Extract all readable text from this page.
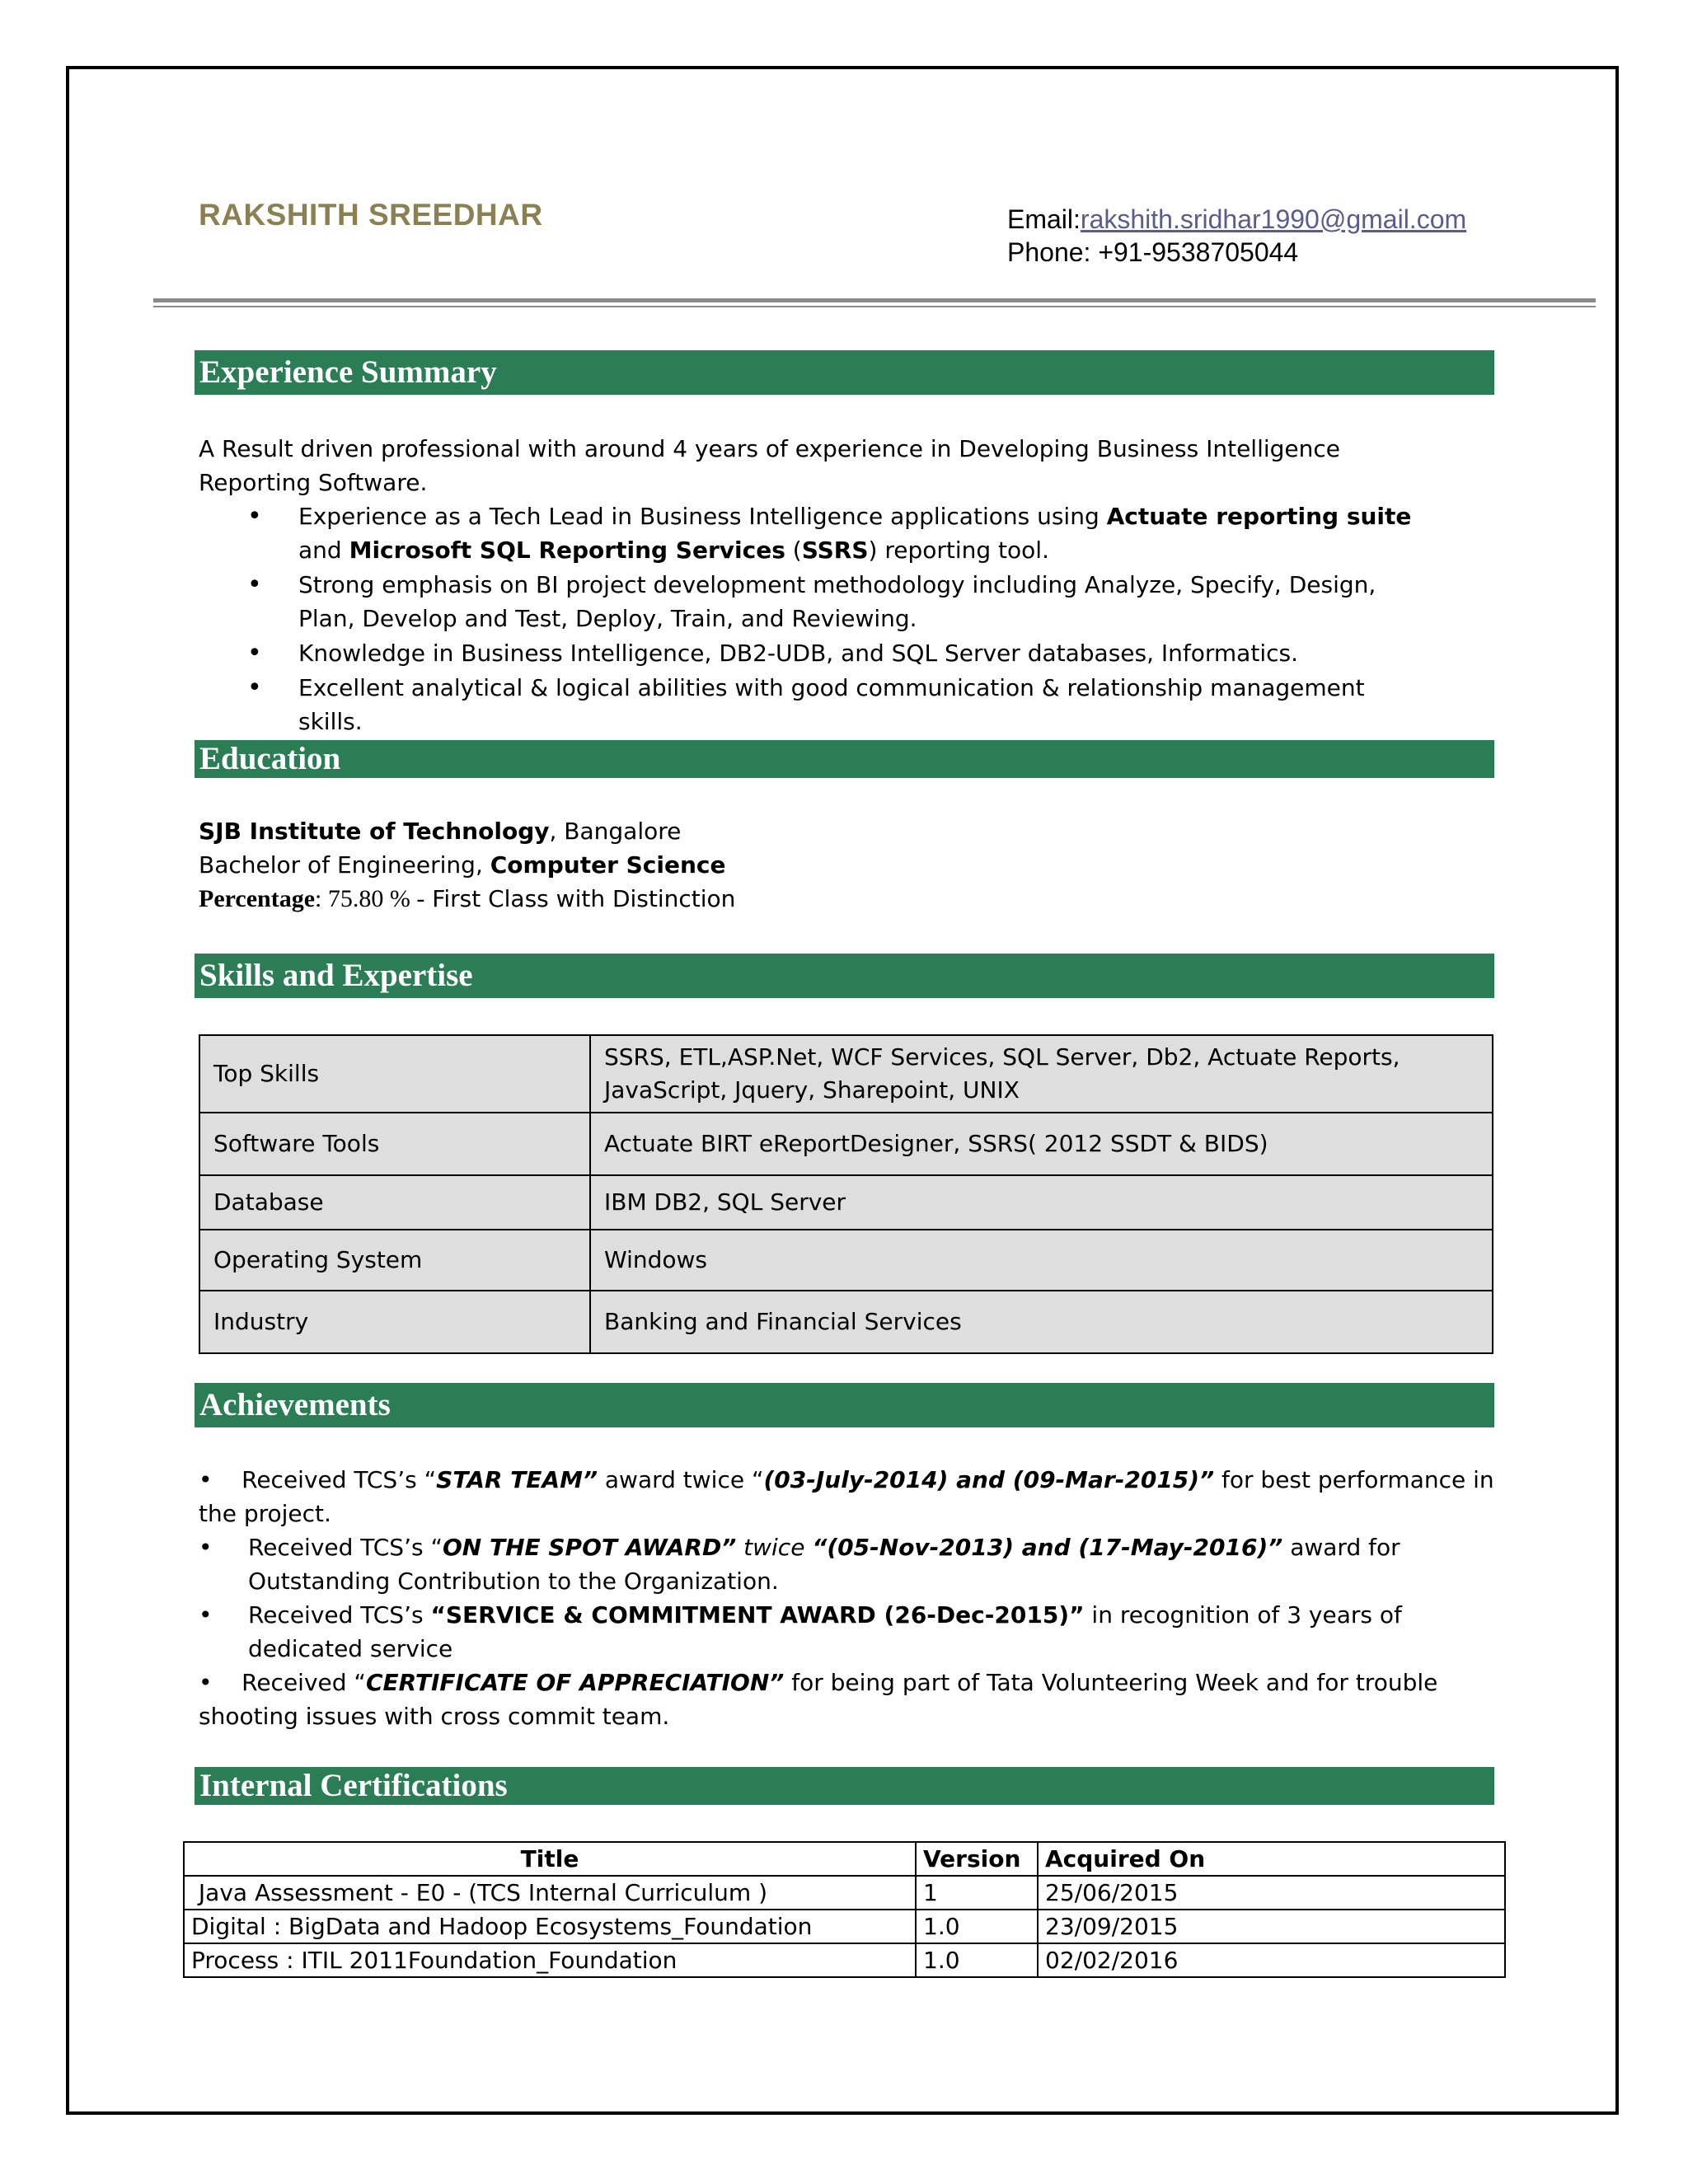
RAKSHITH SREEDHAR	Email:rakshith.sridhar1990@gmail.com
Phone: +91-9538705044
Experience Summary
A Result driven professional with around 4 years of experience in Developing Business Intelligence Reporting Software.
• Experience as a Tech Lead in Business Intelligence applications using Actuate reporting suite and Microsoft SQL Reporting Services (SSRS) reporting tool.
• Strong emphasis on BI project development methodology including Analyze, Specify, Design, Plan, Develop and Test, Deploy, Train, and Reviewing.
• Knowledge in Business Intelligence, DB2-UDB, and SQL Server databases, Informatics.
• Excellent analytical & logical abilities with good communication & relationship management skills.
Education
SJB Institute of Technology, Bangalore
Bachelor of Engineering, Computer Science
Percentage: 75.80 % - First Class with Distinction
Skills and Expertise
Top Skills	SSRS, ETL,ASP.Net, WCF Services, SQL Server, Db2, Actuate Reports, JavaScript, Jquery, Sharepoint, UNIX
Software Tools	Actuate BIRT eReportDesigner, SSRS( 2012 SSDT & BIDS)
Database	IBM DB2, SQL Server
Operating System	Windows
Industry	Banking and Financial Services
Achievements
•    Received TCS’s “STAR TEAM” award twice “(03-July-2014) and (09-Mar-2015)” for best performance in the project.
• Received TCS’s “ON THE SPOT AWARD” twice “(05-Nov-2013) and (17-May-2016)” award for Outstanding Contribution to the Organization.
• Received TCS’s “SERVICE & COMMITMENT AWARD (26-Dec-2015)” in recognition of 3 years of dedicated service
•    Received “CERTIFICATE OF APPRECIATION” for being part of Tata Volunteering Week and for trouble shooting issues with cross commit team.
Internal Certifications
Title	Version	Acquired On
Java Assessment - E0 - (TCS Internal Curriculum )	1	25/06/2015
Digital : BigData and Hadoop Ecosystems_Foundation	1.0	23/09/2015
Process : ITIL 2011Foundation_Foundation	1.0	02/02/2016
